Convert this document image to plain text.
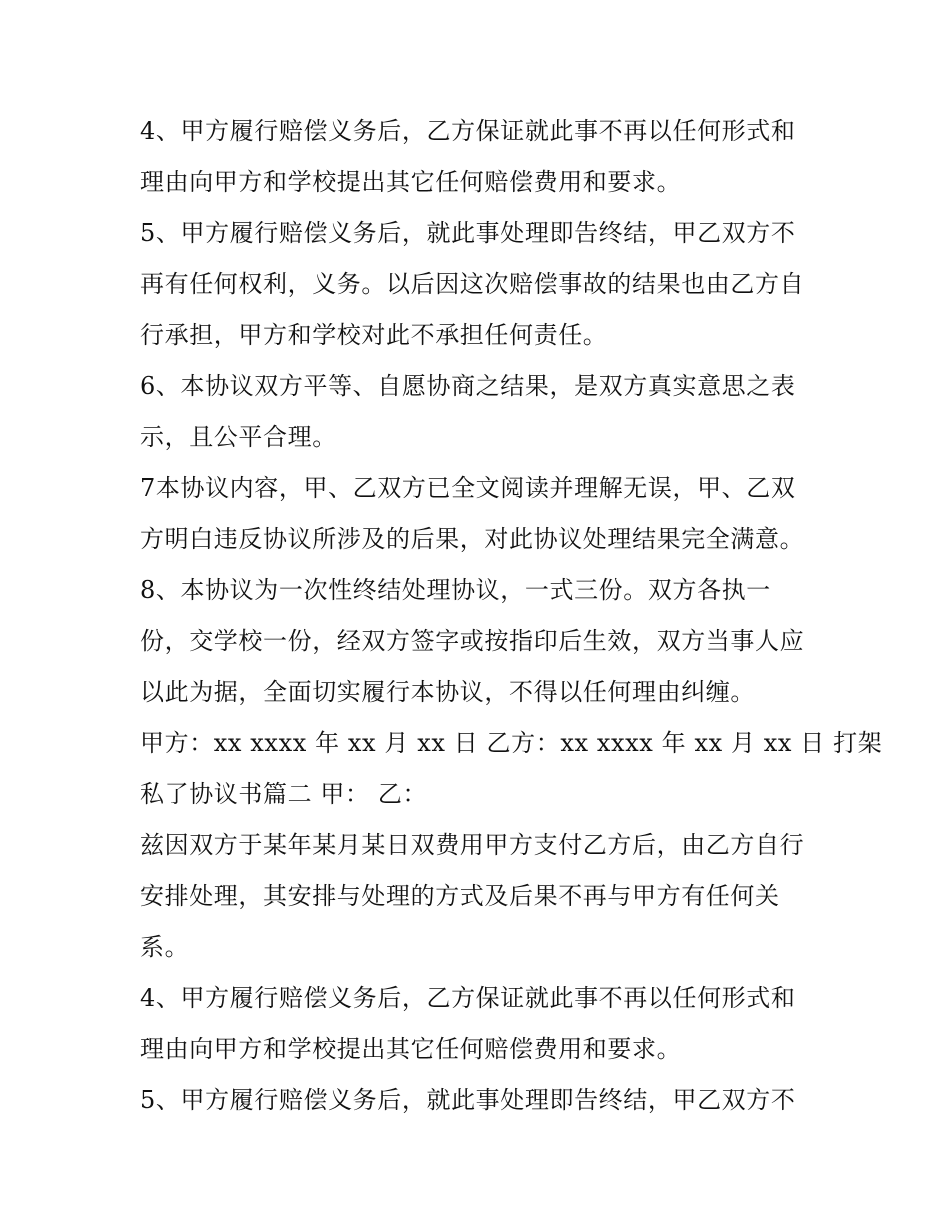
4、甲方履行赔偿义务后，乙方保证就此事不再以任何形式和
理由向甲方和学校提出其它任何赔偿费用和要求。
5、甲方履行赔偿义务后，就此事处理即告终结，甲乙双方不
再有任何权利，义务。以后因这次赔偿事故的结果也由乙方自
行承担，甲方和学校对此不承担任何责任。
6、本协议双方平等、自愿协商之结果，是双方真实意思之表
示，且公平合理。
7本协议内容，甲、乙双方已全文阅读并理解无误，甲、乙双
方明白违反协议所涉及的后果，对此协议处理结果完全满意。
8、本协议为一次性终结处理协议，一式三份。双方各执一
份，交学校一份，经双方签字或按指印后生效，双方当事人应
以此为据，全面切实履行本协议，不得以任何理由纠缠。
甲方：xx xxxx 年 xx 月 xx 日 乙方：xx xxxx 年 xx 月 xx 日 打架
私了协议书篇二 甲： 乙：
兹因双方于某年某月某日双费用甲方支付乙方后，由乙方自行
安排处理，其安排与处理的方式及后果不再与甲方有任何关
系。
4、甲方履行赔偿义务后，乙方保证就此事不再以任何形式和
理由向甲方和学校提出其它任何赔偿费用和要求。
5、甲方履行赔偿义务后，就此事处理即告终结，甲乙双方不
